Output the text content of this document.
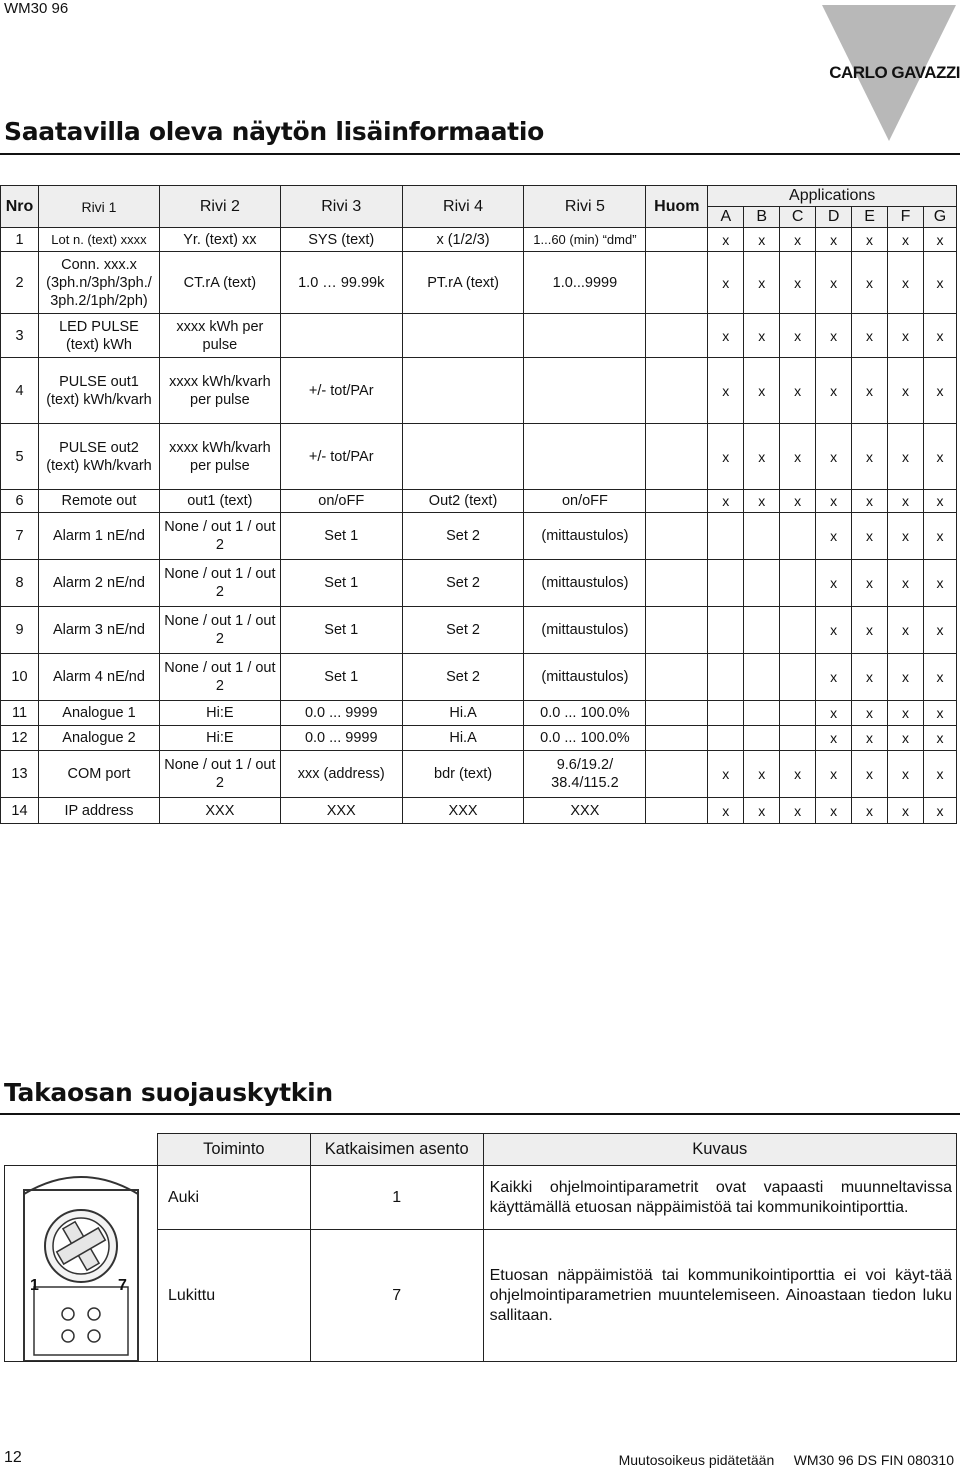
WM30 96
CARLO GAVAZZI
Saatavilla oleva näytön lisäinformaatio
Nro	Rivi 1	Rivi 2	Rivi 3	Rivi 4	Rivi 5	Huom	Applications						
							A	B	C	D	E	F	G
1	Lot n. (text) xxxx	Yr. (text) xx	SYS (text)	x (1/2/3)	1...60 (min) “dmd”		x	x	x	x	x	x	x
2	Conn. xxx.x (3ph.n/3ph/3ph./ 3ph.2/1ph/2ph)	CT.rA (text)	1.0 … 99.99k	PT.rA (text)	1.0...9999		x	x	x	x	x	x	x
3	LED PULSE (text) kWh	xxxx kWh per pulse					x	x	x	x	x	x	x
4	PULSE out1 (text) kWh/kvarh	xxxx kWh/kvarh per pulse	+/- tot/PAr				x	x	x	x	x	x	x
5	PULSE out2 (text) kWh/kvarh	xxxx kWh/kvarh per pulse	+/- tot/PAr				x	x	x	x	x	x	x
6	Remote out	out1 (text)	on/oFF	Out2 (text)	on/oFF		x	x	x	x	x	x	x
7	Alarm 1 nE/nd	None / out 1 / out 2	Set 1	Set 2	(mittaustulos)					x	x	x	x
8	Alarm 2 nE/nd	None / out 1 / out 2	Set 1	Set 2	(mittaustulos)					x	x	x	x
9	Alarm 3 nE/nd	None / out 1 / out 2	Set 1	Set 2	(mittaustulos)					x	x	x	x
10	Alarm 4 nE/nd	None / out 1 / out 2	Set 1	Set 2	(mittaustulos)					x	x	x	x
11	Analogue 1	Hi:E	0.0 ... 9999	Hi.A	0.0 ... 100.0%					x	x	x	x
12	Analogue 2	Hi:E	0.0 ... 9999	Hi.A	0.0 ... 100.0%					x	x	x	x
13	COM port	None / out 1 / out 2	xxx (address)	bdr (text)	9.6/19.2/ 38.4/115.2		x	x	x	x	x	x	x
14	IP address	XXX	XXX	XXX	XXX		x	x	x	x	x	x	x
Takaosan suojauskytkin
	Toiminto	Katkaisimen asento	Kuvaus

1 7	Auki	1	Kaikki ohjelmointiparametrit ovat vapaasti muunneltavissa käyttämällä etuosan näppäimistöä tai kommunikointiporttia.
	Lukittu	7	Etuosan näppäimistöä tai kommunikointiporttia ei voi käyt-tää ohjelmointiparametrien muuntelemiseen. Ainoastaan tiedon luku sallitaan.
12	Muutosoikeus pidätetään     WM30 96 DS FIN 080310
